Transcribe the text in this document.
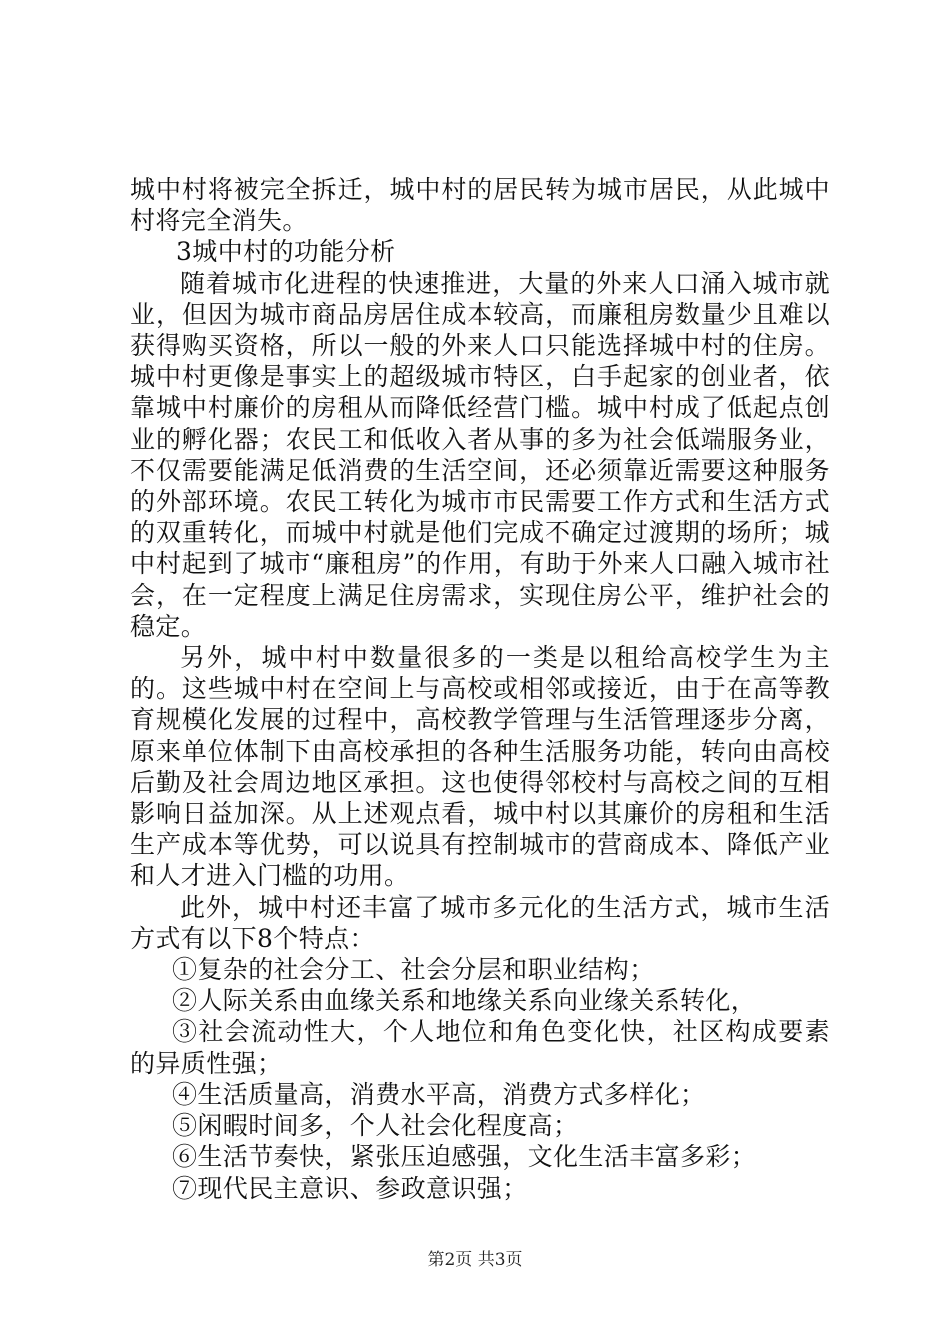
城中村将被完全拆迁，城中村的居民转为城市居民，从此城中村将完全消失。

3城中村的功能分析

随着城市化进程的快速推进，大量的外来人口涌入城市就业，但因为城市商品房居住成本较高，而廉租房数量少且难以获得购买资格，所以一般的外来人口只能选择城中村的住房。城中村更像是事实上的超级城市特区，白手起家的创业者，依靠城中村廉价的房租从而降低经营门槛。城中村成了低起点创业的孵化器；农民工和低收入者从事的多为社会低端服务业，不仅需要能满足低消费的生活空间，还必须靠近需要这种服务的外部环境。农民工转化为城市市民需要工作方式和生活方式的双重转化，而城中村就是他们完成不确定过渡期的场所；城中村起到了城市“廉租房”的作用，有助于外来人口融入城市社会，在一定程度上满足住房需求，实现住房公平，维护社会的稳定。

另外，城中村中数量很多的一类是以租给高校学生为主的。这些城中村在空间上与高校或相邻或接近，由于在高等教育规模化发展的过程中，高校教学管理与生活管理逐步分离，原来单位体制下由高校承担的各种生活服务功能，转向由高校后勤及社会周边地区承担。这也使得邻校村与高校之间的互相影响日益加深。从上述观点看，城中村以其廉价的房租和生活生产成本等优势，可以说具有控制城市的营商成本、降低产业和人才进入门槛的功用。

此外，城中村还丰富了城市多元化的生活方式，城市生活方式有以下8个特点：

①复杂的社会分工、社会分层和职业结构；

②人际关系由血缘关系和地缘关系向业缘关系转化，

③社会流动性大，个人地位和角色变化快，社区构成要素的异质性强；

④生活质量高，消费水平高，消费方式多样化；

⑤闲暇时间多，个人社会化程度高；

⑥生活节奏快，紧张压迫感强，文化生活丰富多彩；

⑦现代民主意识、参政意识强；

第2页 共3页
